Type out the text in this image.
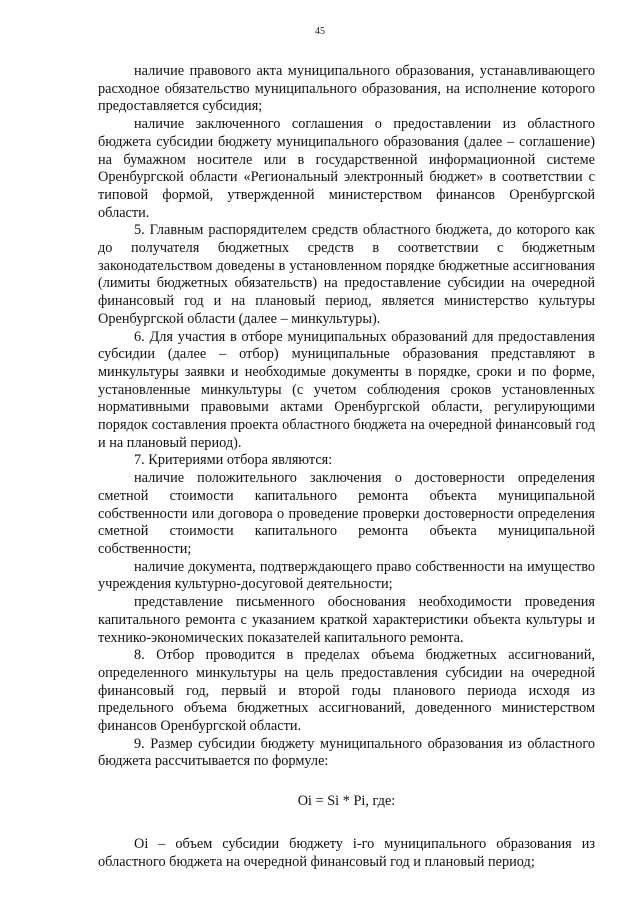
45

наличие правового акта муниципального образования, устанавливающего расходное обязательство муниципального образования, на исполнение которого предоставляется субсидия;

наличие заключенного соглашения о предоставлении из областного бюджета субсидии бюджету муниципального образования (далее – соглашение) на бумажном носителе или в государственной информационной системе Оренбургской области «Региональный электронный бюджет» в соответствии с типовой формой, утвержденной министерством финансов Оренбургской области.

5. Главным распорядителем средств областного бюджета, до которого как до получателя бюджетных средств в соответствии с бюджетным законодательством доведены в установленном порядке бюджетные ассигнования (лимиты бюджетных обязательств) на предоставление субсидии на очередной финансовый год и на плановый период, является министерство культуры Оренбургской области (далее – минкультуры).

6. Для участия в отборе муниципальных образований для предоставления субсидии (далее – отбор) муниципальные образования представляют в минкультуры заявки и необходимые документы в порядке, сроки и по форме, установленные минкультуры (с учетом соблюдения сроков установленных нормативными правовыми актами Оренбургской области, регулирующими порядок составления проекта областного бюджета на очередной финансовый год и на плановый период).

7. Критериями отбора являются:

наличие положительного заключения о достоверности определения сметной стоимости капитального ремонта объекта муниципальной собственности или договора о проведение проверки достоверности определения сметной стоимости капитального ремонта объекта муниципальной собственности;

наличие документа, подтверждающего право собственности на имущество учреждения культурно-досуговой деятельности;

представление письменного обоснования необходимости проведения капитального ремонта с указанием краткой характеристики объекта культуры и технико-экономических показателей капитального ремонта.

8. Отбор проводится в пределах объема бюджетных ассигнований, определенного минкультуры на цель предоставления субсидии на очередной финансовый год, первый и второй годы планового периода исходя из предельного объема бюджетных ассигнований, доведенного министерством финансов Оренбургской области.

9. Размер субсидии бюджету муниципального образования из областного бюджета рассчитывается по формуле:

Oi = Si * Pi, где:

Oi – объем субсидии бюджету i-го муниципального образования из областного бюджета на очередной финансовый год и плановый период;
